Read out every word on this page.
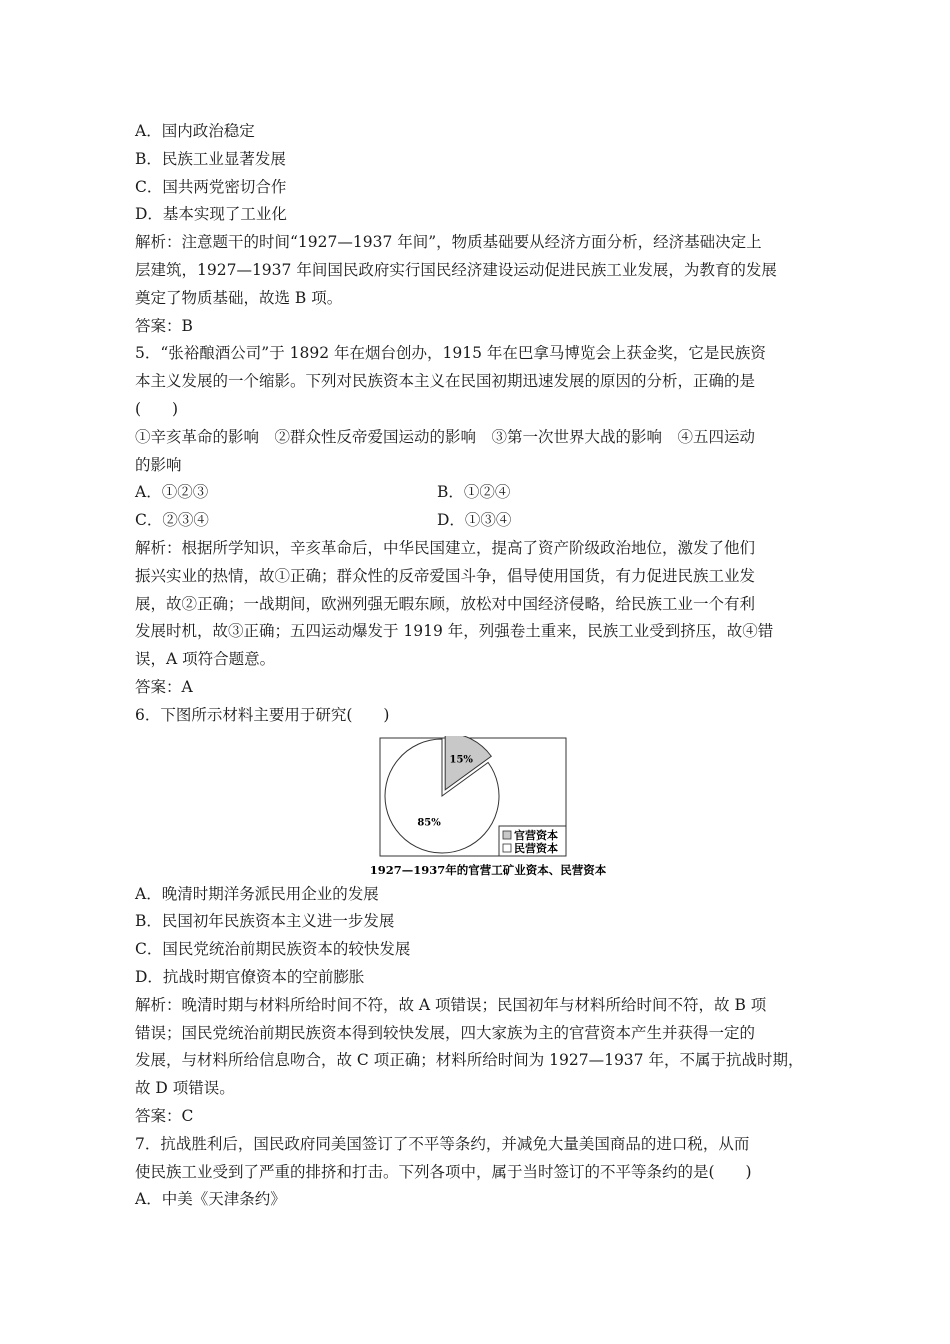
A．国内政治稳定
B．民族工业显著发展
C．国共两党密切合作
D．基本实现了工业化
解析：注意题干的时间“1927—1937 年间”，物质基础要从经济方面分析，经济基础决定上
层建筑，1927—1937 年间国民政府实行国民经济建设运动促进民族工业发展，为教育的发展
奠定了物质基础，故选 B 项。
答案：B
5．“张裕酿酒公司”于 1892 年在烟台创办，1915 年在巴拿马博览会上获金奖，它是民族资
本主义发展的一个缩影。下列对民族资本主义在民国初期迅速发展的原因的分析，正确的是
(　　)
①辛亥革命的影响　②群众性反帝爱国运动的影响　③第一次世界大战的影响　④五四运动
的影响
A．①②③	B．①②④
C．②③④	D．①③④
解析：根据所学知识，辛亥革命后，中华民国建立，提高了资产阶级政治地位，激发了他们
振兴实业的热情，故①正确；群众性的反帝爱国斗争，倡导使用国货，有力促进民族工业发
展，故②正确；一战期间，欧洲列强无暇东顾，放松对中国经济侵略，给民族工业一个有利
发展时机，故③正确；五四运动爆发于 1919 年，列强卷土重来，民族工业受到挤压，故④错
误，A 项符合题意。
答案：A
6．下图所示材料主要用于研究(　　)
15%
85%
官营资本
民营资本
1927—1937年的官营工矿业资本、民营资本
A．晚清时期洋务派民用企业的发展
B．民国初年民族资本主义进一步发展
C．国民党统治前期民族资本的较快发展
D．抗战时期官僚资本的空前膨胀
解析：晚清时期与材料所给时间不符，故 A 项错误；民国初年与材料所给时间不符，故 B 项
错误；国民党统治前期民族资本得到较快发展，四大家族为主的官营资本产生并获得一定的
发展，与材料所给信息吻合，故 C 项正确；材料所给时间为 1927—1937 年，不属于抗战时期，
故 D 项错误。
答案：C
7．抗战胜利后，国民政府同美国签订了不平等条约，并减免大量美国商品的进口税，从而
使民族工业受到了严重的排挤和打击。下列各项中，属于当时签订的不平等条约的是(　　)
A．中美《天津条约》
